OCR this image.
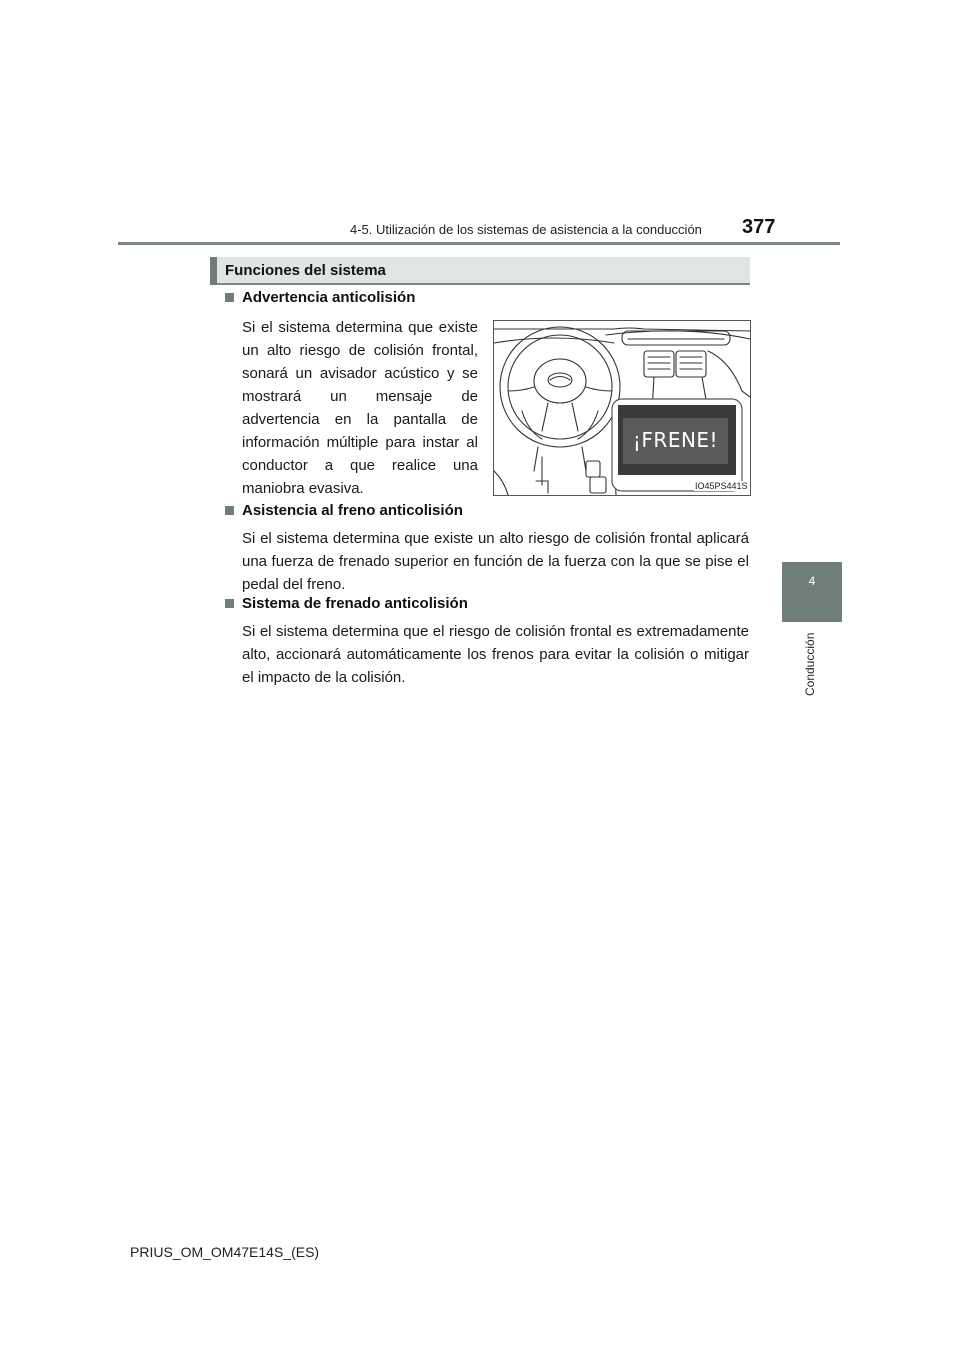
4-5. Utilización de los sistemas de asistencia a la conducción 377
4
Conducción
Funciones del sistema
Advertencia anticolisión
Si el sistema determina que existe un alto riesgo de colisión frontal, sonará un avisador acústico y se mostrará un mensaje de advertencia en la pantalla de información múltiple para instar al conductor a que realice una maniobra evasiva.
¡FRENE!
IO45PS441S
Asistencia al freno anticolisión
Si el sistema determina que existe un alto riesgo de colisión frontal aplicará una fuerza de frenado superior en función de la fuerza con la que se pise el pedal del freno.
Sistema de frenado anticolisión
Si el sistema determina que el riesgo de colisión frontal es extremadamente alto, accionará automáticamente los frenos para evitar la colisión o mitigar el impacto de la colisión.
PRIUS_OM_OM47E14S_(ES)
